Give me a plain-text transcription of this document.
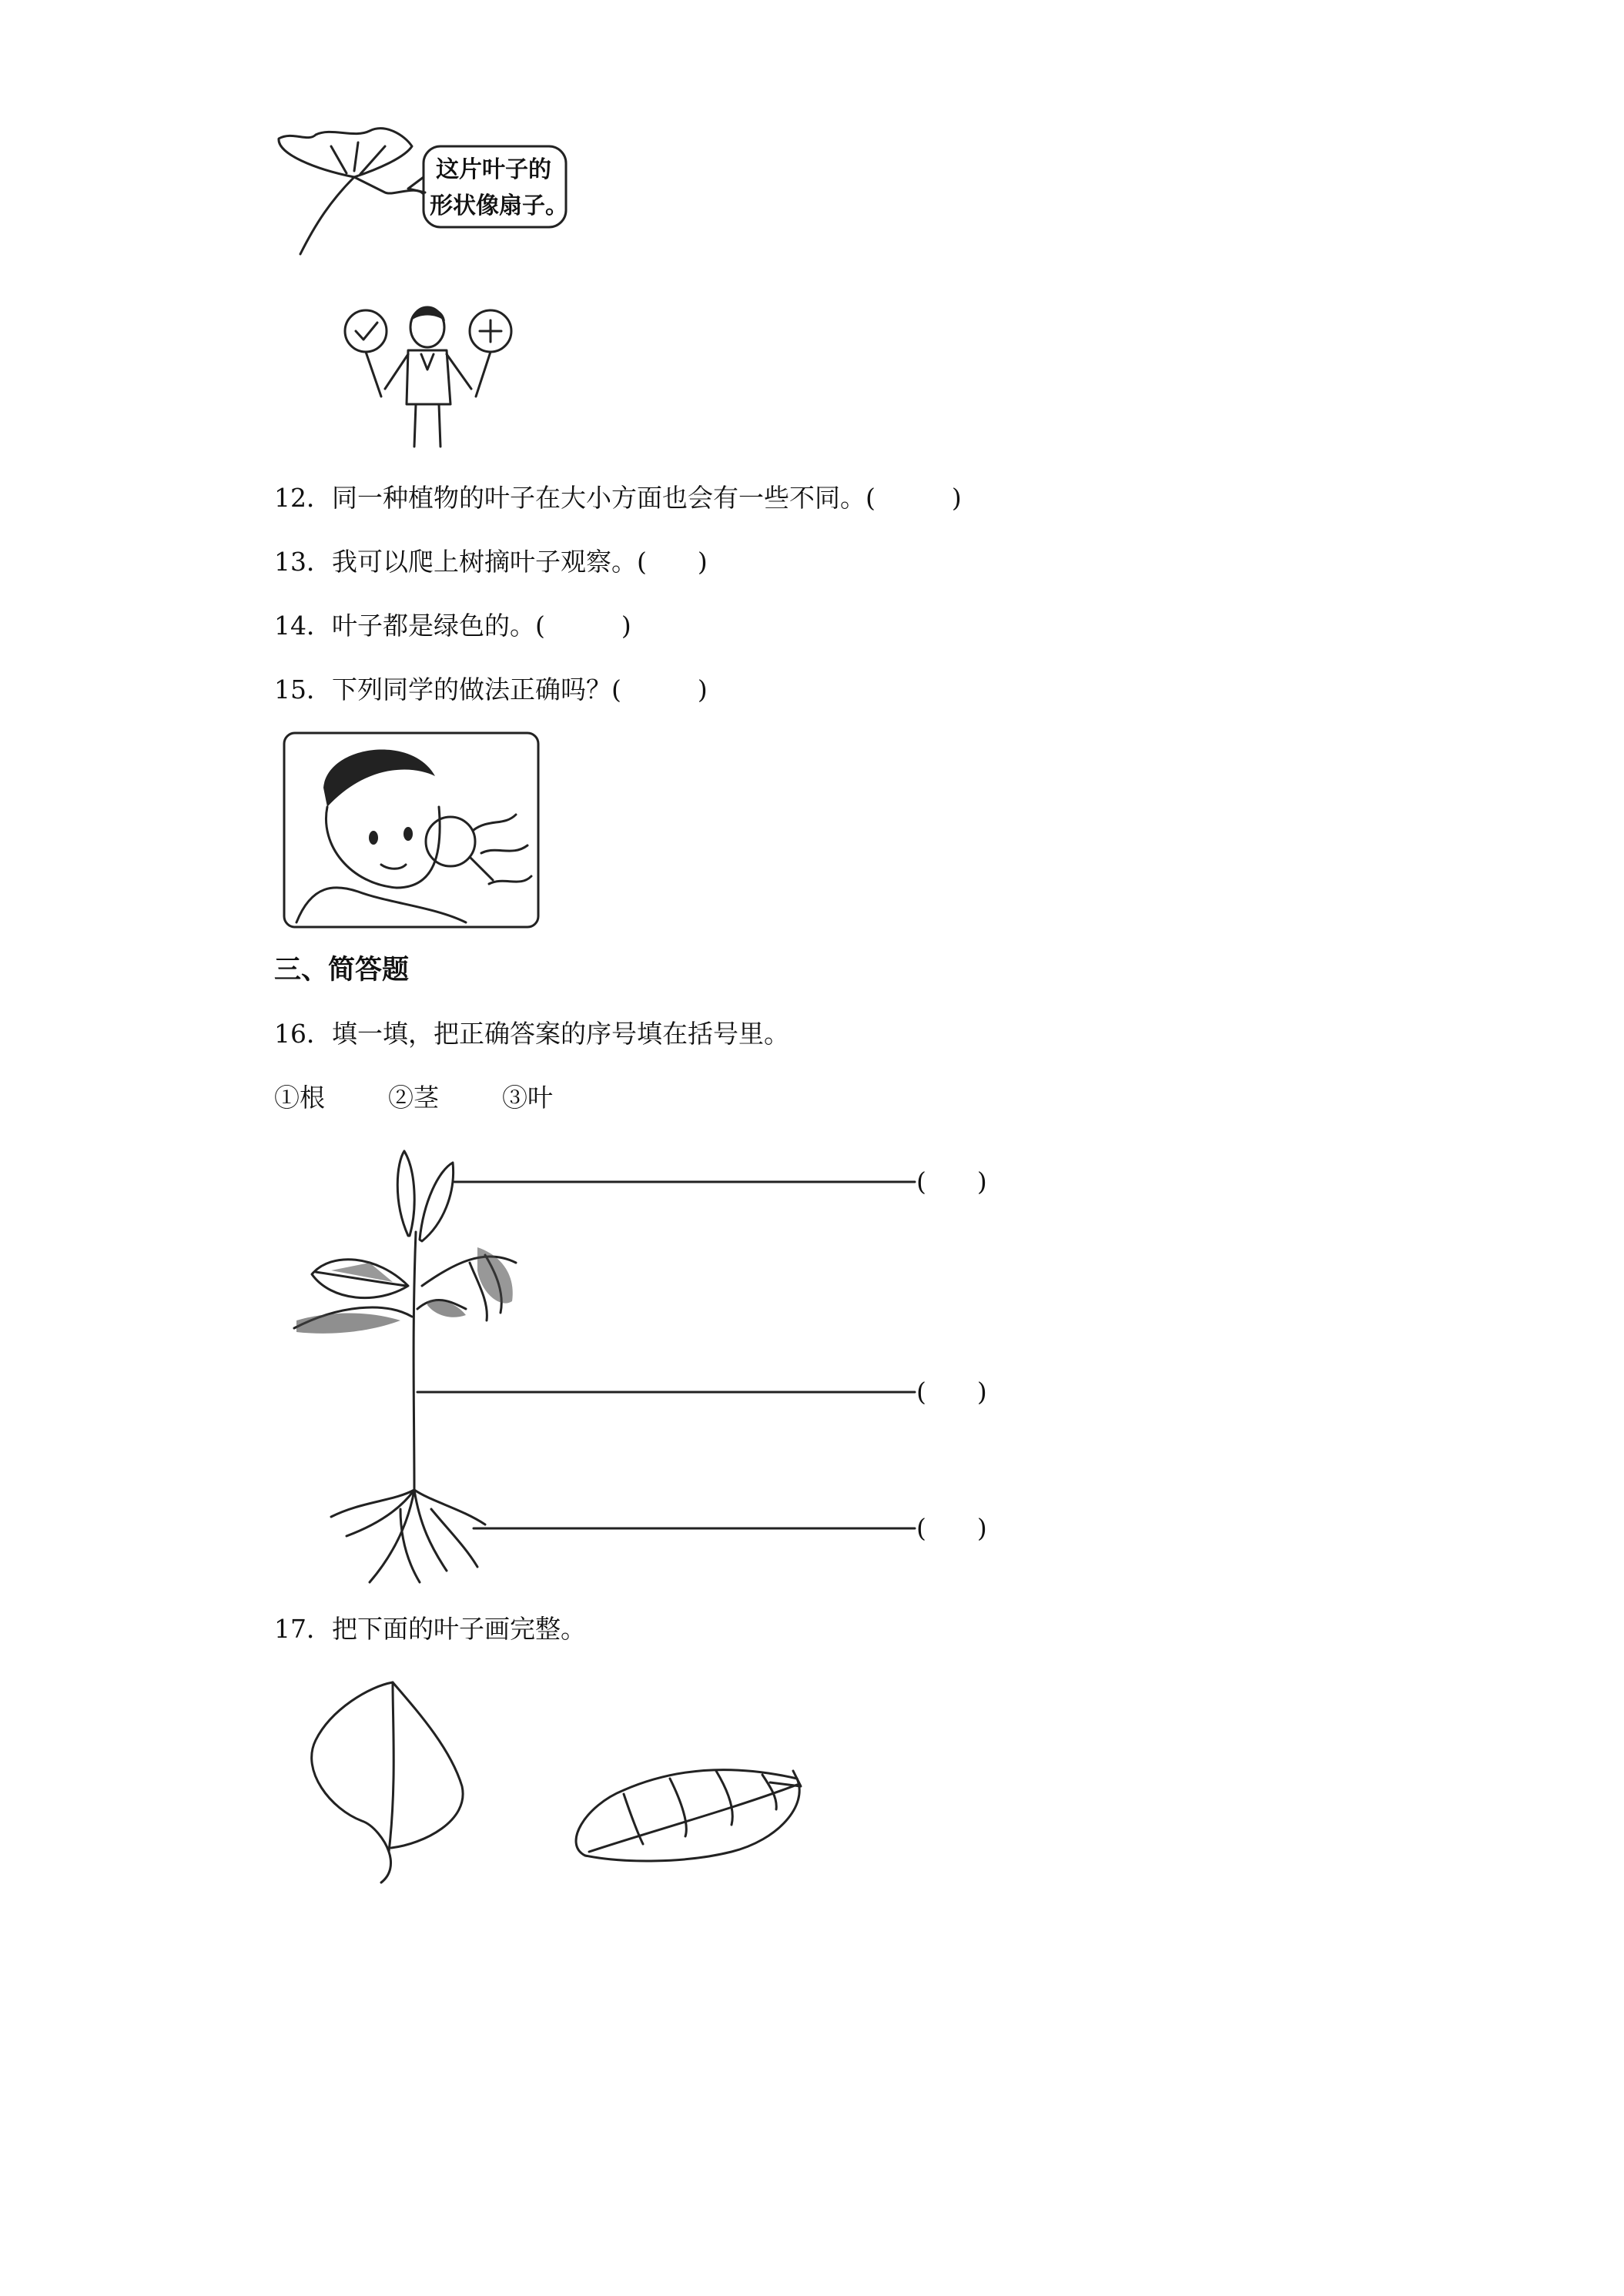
这片叶子的
形状像扇子。
12．同一种植物的叶子在大小方面也会有一些不同。(　　　)
13．我可以爬上树摘叶子观察。(　　)
14．叶子都是绿色的。(　　　)
15．下列同学的做法正确吗？(　　　)
三、简答题
16．填一填，把正确答案的序号填在括号里。
①根 ②茎 ③叶
(　　)
(　　)
(　　)
17．把下面的叶子画完整。
